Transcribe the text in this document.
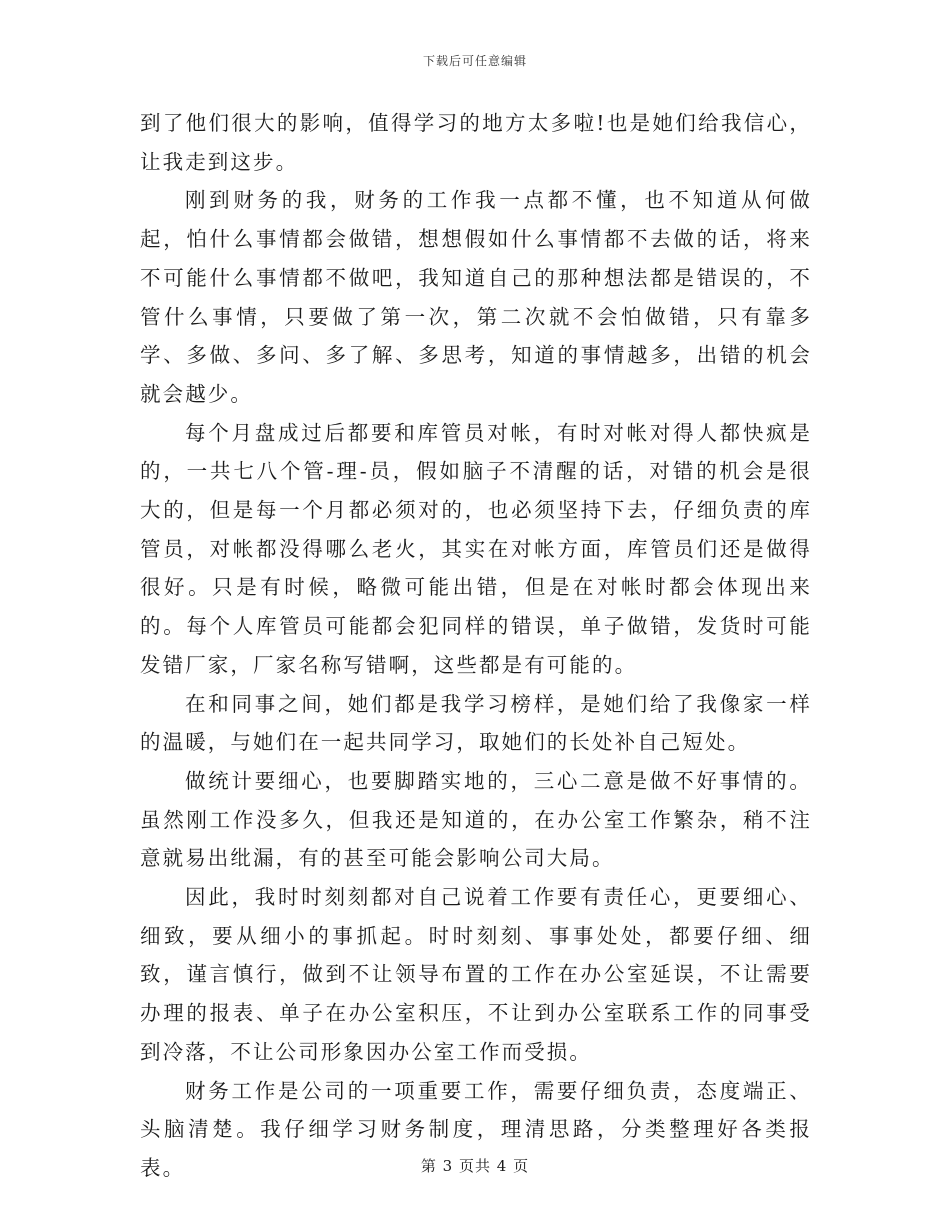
下载后可任意编辑

到了他们很大的影响，值得学习的地方太多啦!也是她们给我信心，让我走到这步。

刚到财务的我，财务的工作我一点都不懂，也不知道从何做起，怕什么事情都会做错，想想假如什么事情都不去做的话，将来不可能什么事情都不做吧，我知道自己的那种想法都是错误的，不管什么事情，只要做了第一次，第二次就不会怕做错，只有靠多学、多做、多问、多了解、多思考，知道的事情越多，出错的机会就会越少。

每个月盘成过后都要和库管员对帐，有时对帐对得人都快疯是的，一共七八个管-理-员，假如脑子不清醒的话，对错的机会是很大的，但是每一个月都必须对的，也必须坚持下去，仔细负责的库管员，对帐都没得哪么老火，其实在对帐方面，库管员们还是做得很好。只是有时候，略微可能出错，但是在对帐时都会体现出来的。每个人库管员可能都会犯同样的错误，单子做错，发货时可能发错厂家，厂家名称写错啊，这些都是有可能的。

在和同事之间，她们都是我学习榜样，是她们给了我像家一样的温暖，与她们在一起共同学习，取她们的长处补自己短处。

做统计要细心，也要脚踏实地的，三心二意是做不好事情的。虽然刚工作没多久，但我还是知道的，在办公室工作繁杂，稍不注意就易出纰漏，有的甚至可能会影响公司大局。

因此，我时时刻刻都对自己说着工作要有责任心，更要细心、细致，要从细小的事抓起。时时刻刻、事事处处，都要仔细、细致，谨言慎行，做到不让领导布置的工作在办公室延误，不让需要办理的报表、单子在办公室积压，不让到办公室联系工作的同事受到冷落，不让公司形象因办公室工作而受损。

财务工作是公司的一项重要工作，需要仔细负责，态度端正、头脑清楚。我仔细学习财务制度，理清思路，分类整理好各类报表。	第 3 页共 4 页
